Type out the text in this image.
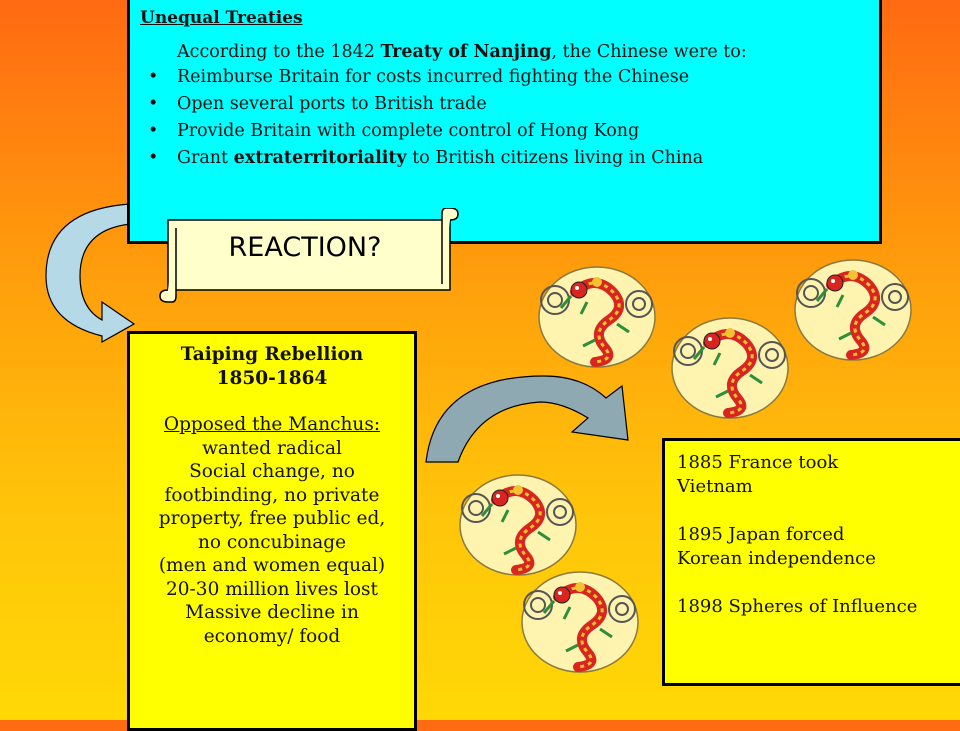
Unequal Treaties
According to the 1842 Treaty of Nanjing, the Chinese were to:
• Reimburse Britain for costs incurred fighting the Chinese
• Open several ports to British trade
• Provide Britain with complete control of Hong Kong
• Grant extraterritoriality to British citizens living in China
REACTION?
Taiping Rebellion
1850-1864
Opposed the Manchus:
wanted radical
Social change, no
footbinding, no private
property, free public ed,
no concubinage
(men and women equal)
20-30 million lives lost
Massive decline in
economy/ food

1885 France took
Vietnam

1895 Japan forced
Korean independence

1898 Spheres of Influence
